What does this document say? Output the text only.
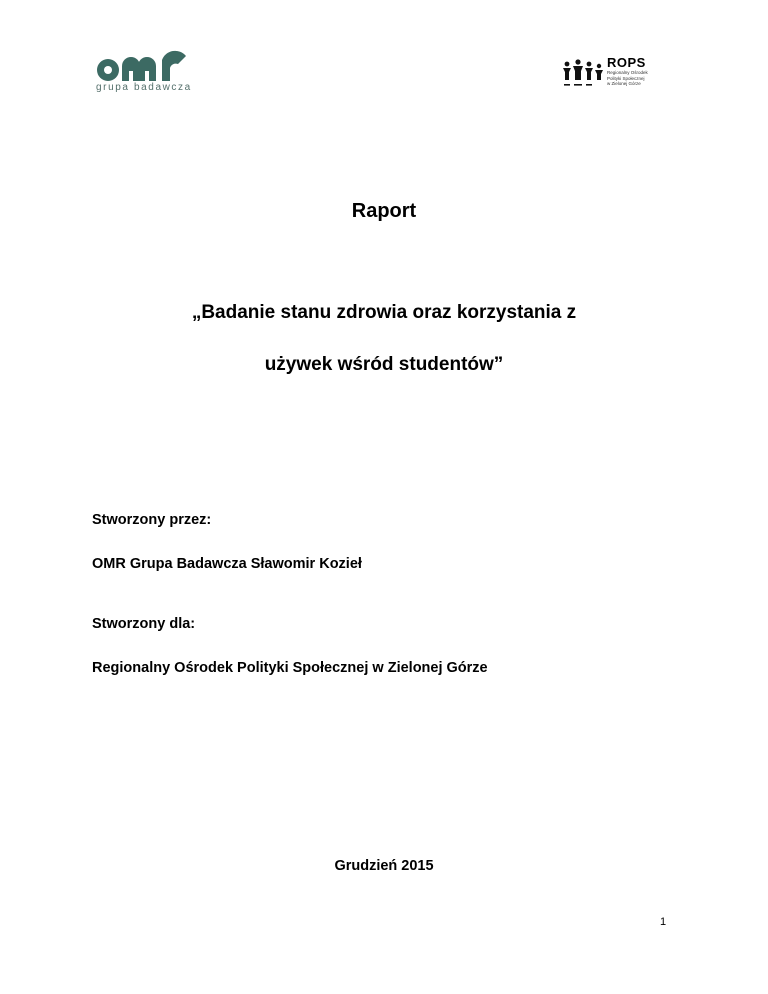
grupa badawcza
ROPS
Regionalny Ośrodek
Polityki Społecznej
w Zielonej Górze
Raport
„Badanie stanu zdrowia oraz korzystania z
używek wśród studentów”
Stworzony przez:
OMR Grupa Badawcza Sławomir Kozieł
Stworzony dla:
Regionalny Ośrodek Polityki Społecznej w Zielonej Górze
Grudzień 2015
1
